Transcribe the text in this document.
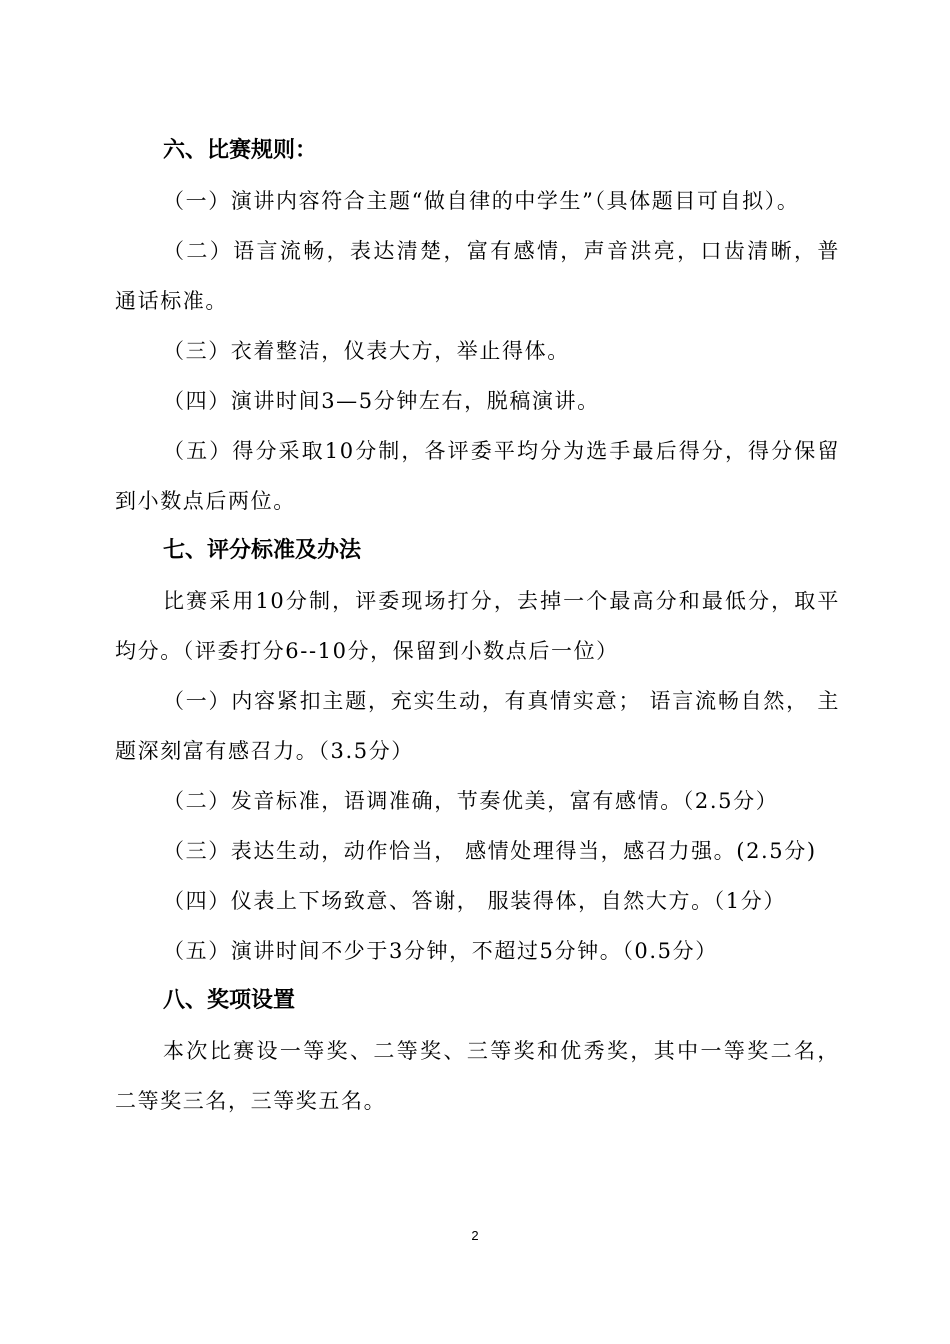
六、比赛规则：

（一）演讲内容符合主题“做自律的中学生”（具体题目可自拟）。

（二）语言流畅，表达清楚，富有感情，声音洪亮，口齿清晰，普通话标准。

（三）衣着整洁，仪表大方，举止得体。

（四）演讲时间3—5分钟左右，脱稿演讲。

（五）得分采取10分制，各评委平均分为选手最后得分，得分保留到小数点后两位。

七、评分标准及办法

比赛采用10分制，评委现场打分，去掉一个最高分和最低分，取平均分。（评委打分6--10分，保留到小数点后一位）

（一）内容紧扣主题，充实生动，有真情实意； 语言流畅自然， 主题深刻富有感召力。（3.5分）

（二）发音标准，语调准确，节奏优美，富有感情。（2.5分）

（三）表达生动，动作恰当， 感情处理得当，感召力强。(2.5分)

（四）仪表上下场致意、答谢， 服装得体，自然大方。（1分）

（五）演讲时间不少于3分钟，不超过5分钟。（0.5分）

八、奖项设置

本次比赛设一等奖、二等奖、三等奖和优秀奖，其中一等奖二名，二等奖三名，三等奖五名。

2
